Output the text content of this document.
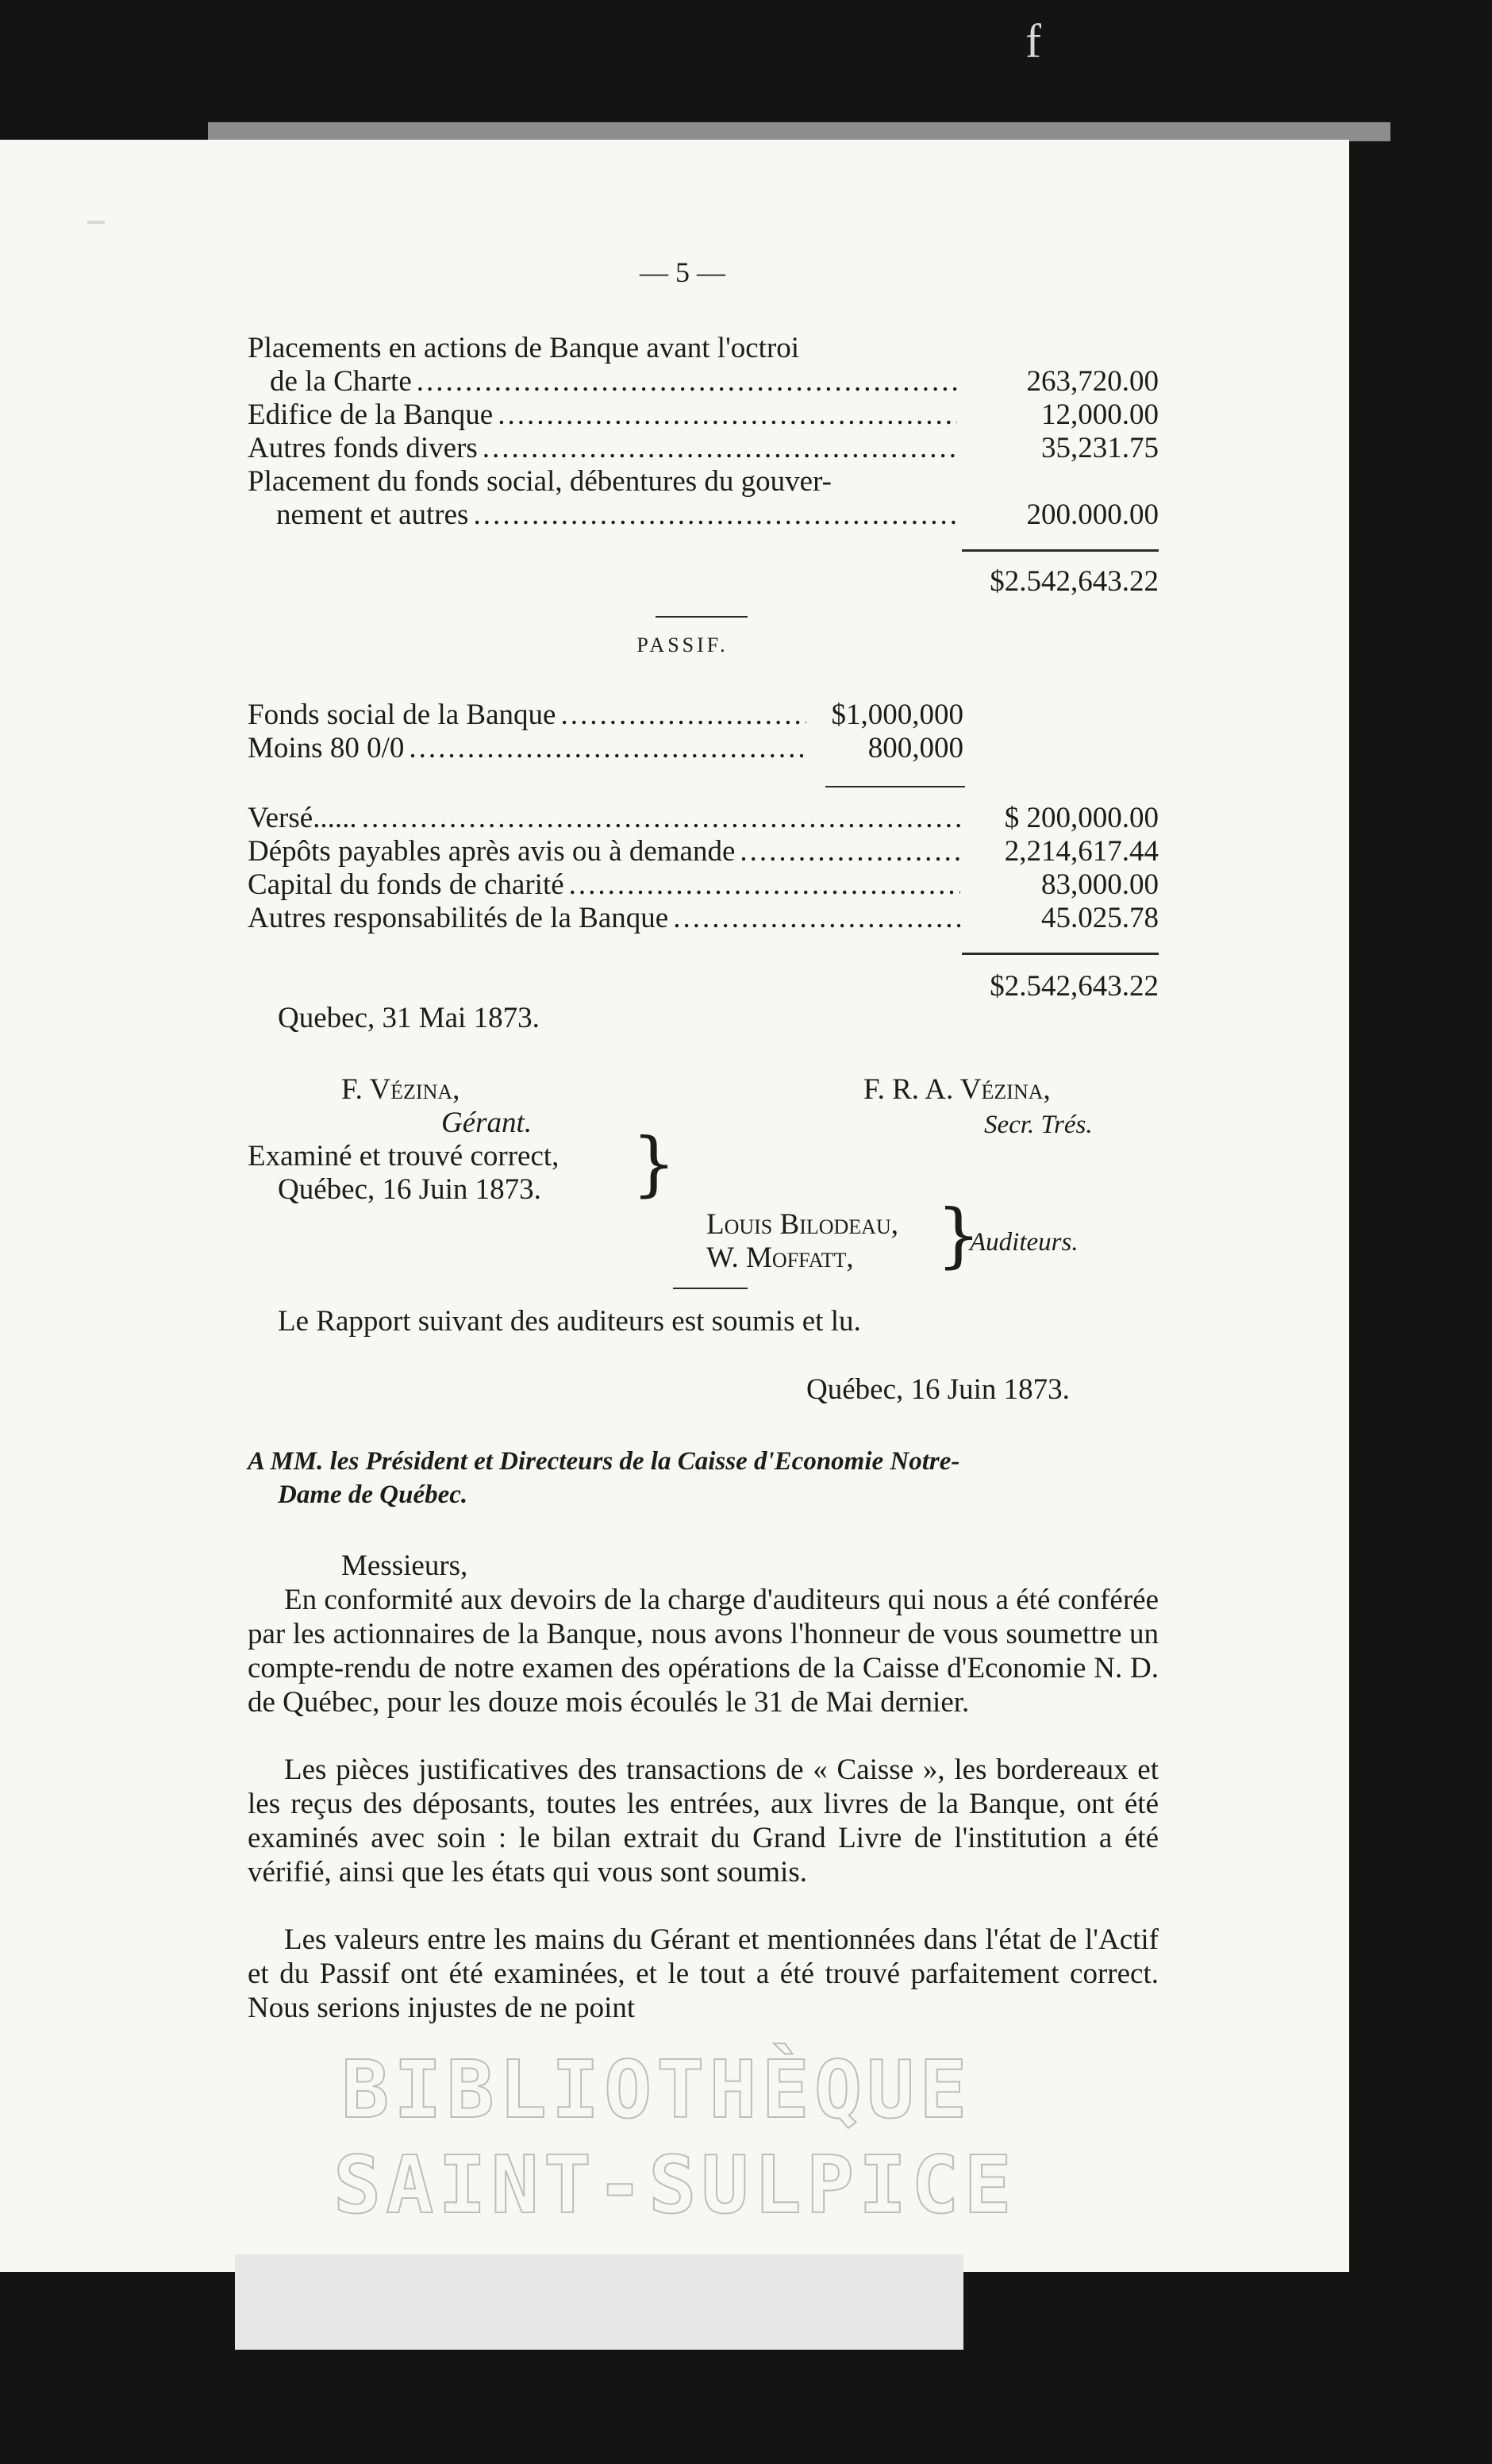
f
— 5 —
Placements en actions de Banque avant l'octroi
de la Charte .....	263,720.00
Edifice de la Banque .....	12,000.00
Autres fonds divers .....	35,231.75
Placement du fonds social, débentures du gouver-
nement et autres .....	200.000.00
$2.542,643.22
PASSIF.
Fonds social de la Banque .....	$1,000,000
Moins 80 0/0 .....	800,000
Versé...... .....	$ 200,000.00
Dépôts payables après avis ou à demande .....	2,214,617.44
Capital du fonds de charité .....	83,000.00
Autres responsabilités de la Banque .....	45.025.78
$2.542,643.22
Quebec, 31 Mai 1873.
F. Vézina,
Gérant.
F. R. A. Vézina,
Secr. Trés.
Examiné et trouvé correct,
Québec, 16 Juin 1873. }
Louis Bilodeau,
W. Moffatt, }
Auditeurs.
Le Rapport suivant des auditeurs est soumis et lu.
Québec, 16 Juin 1873.
A MM. les Président et Directeurs de la Caisse d'Economie Notre-
Dame de Québec.
Messieurs,
En conformité aux devoirs de la charge d'auditeurs qui nous a été conférée par les actionnaires de la Banque, nous avons l'honneur de vous soumettre un compte-rendu de notre examen des opérations de la Caisse d'Economie N. D. de Québec, pour les douze mois écoulés le 31 de Mai dernier.
Les pièces justificatives des transactions de « Caisse », les bordereaux et les reçus des déposants, toutes les entrées, aux livres de la Banque, ont été examinés avec soin : le bilan extrait du Grand Livre de l'institution a été vérifié, ainsi que les états qui vous sont soumis.
Les valeurs entre les mains du Gérant et mentionnées dans l'état de l'Actif et du Passif ont été examinées, et le tout a été trouvé parfaitement correct. Nous serions injustes de ne point
BIBLIOTHÈQUE
SAINT-SULPICE
